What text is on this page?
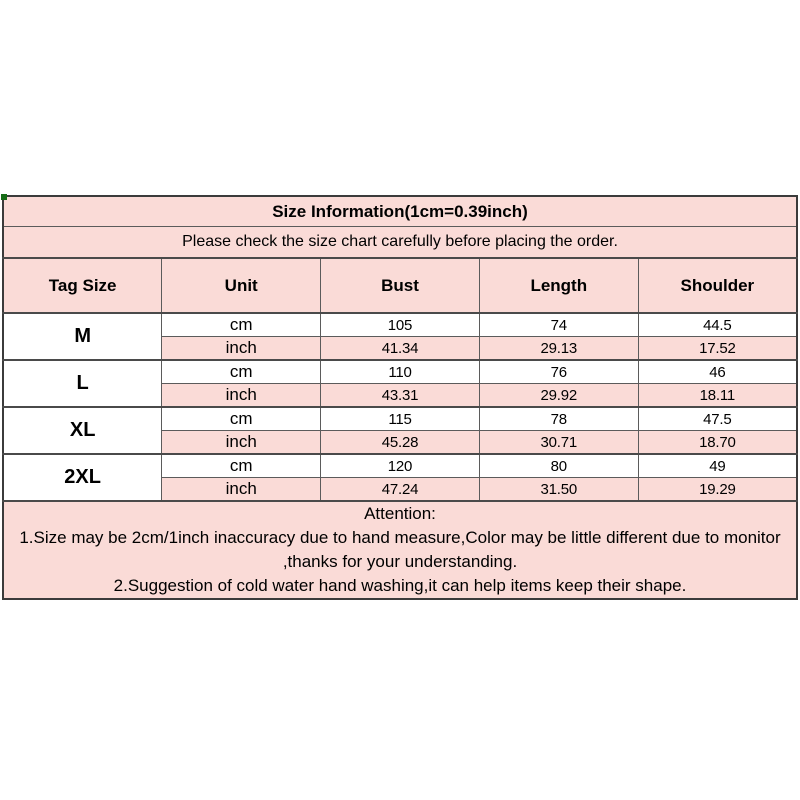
Size Information(1cm=0.39inch)				
Please check the size chart carefully before placing the order.				
Tag Size	Unit	Bust	Length	Shoulder
M	cm	105	74	44.5
	inch	41.34	29.13	17.52
L	cm	110	76	46
	inch	43.31	29.92	18.11
XL	cm	115	78	47.5
	inch	45.28	30.71	18.70
2XL	cm	120	80	49
	inch	47.24	31.50	19.29

Attention:
1.Size may be 2cm/1inch inaccuracy due to hand measure,Color may be little different due to monitor
,thanks for your understanding.
2.Suggestion of cold water hand washing,it can help items keep their shape.				
